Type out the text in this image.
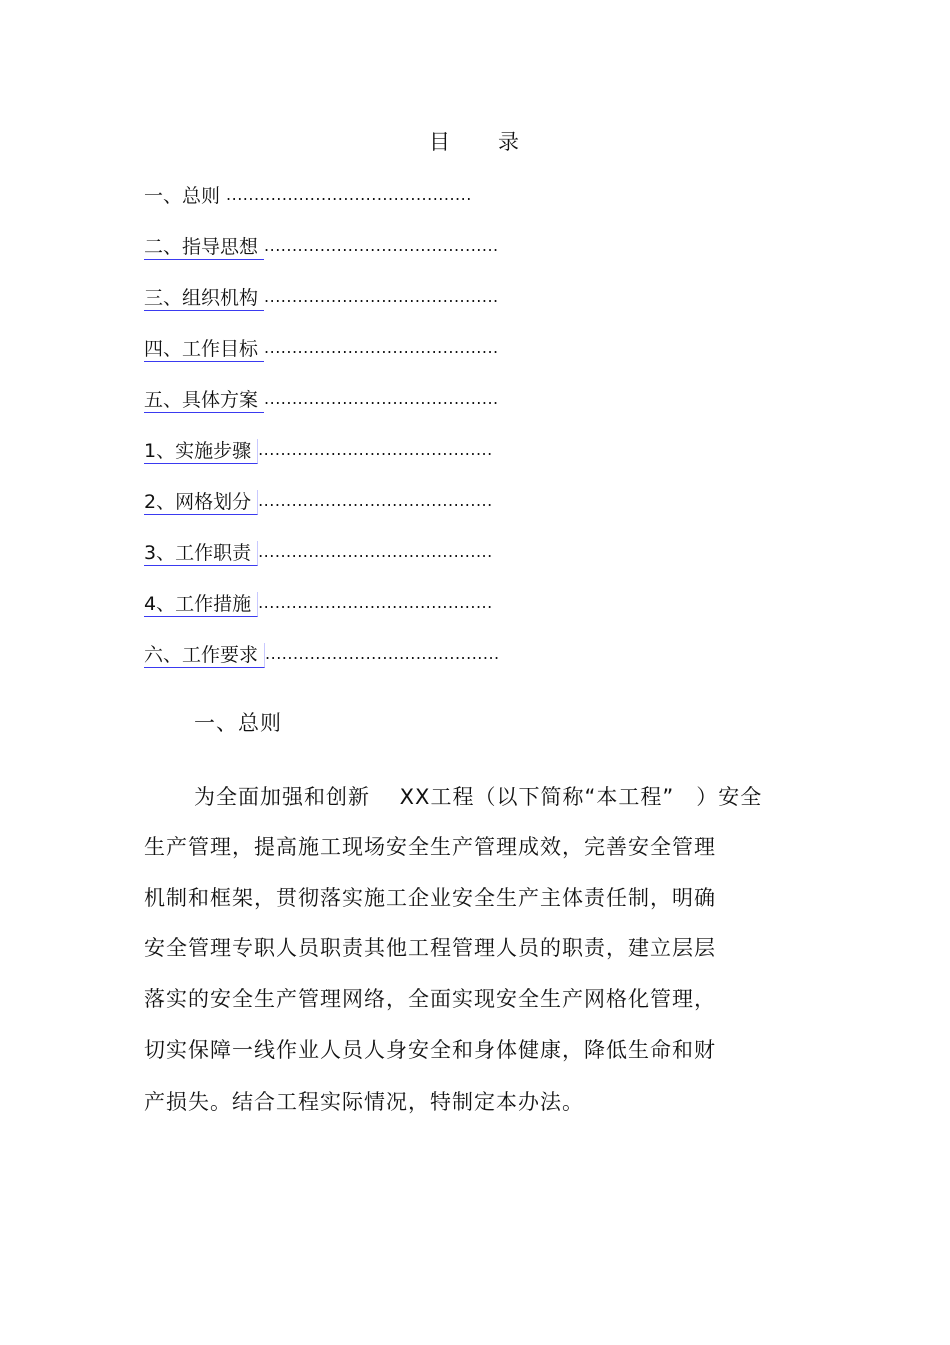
目 录
一、总则 ............................................
二、指导思想 ..........................................
三、组织机构 ..........................................
四、工作目标 ..........................................
五、具体方案 ..........................................
1、实施步骤 ..........................................
2、网格划分 ..........................................
3、工作职责 ..........................................
4、工作措施 ..........................................
六、工作要求 ..........................................
一、总则
为全面加强和创新　 XX工程（以下简称“本工程”　）安全
生产管理，提高施工现场安全生产管理成效，完善安全管理
机制和框架，贯彻落实施工企业安全生产主体责任制，明确
安全管理专职人员职责其他工程管理人员的职责，建立层层
落实的安全生产管理网络，全面实现安全生产网格化管理，
切实保障一线作业人员人身安全和身体健康，降低生命和财
产损失。结合工程实际情况，特制定本办法。
